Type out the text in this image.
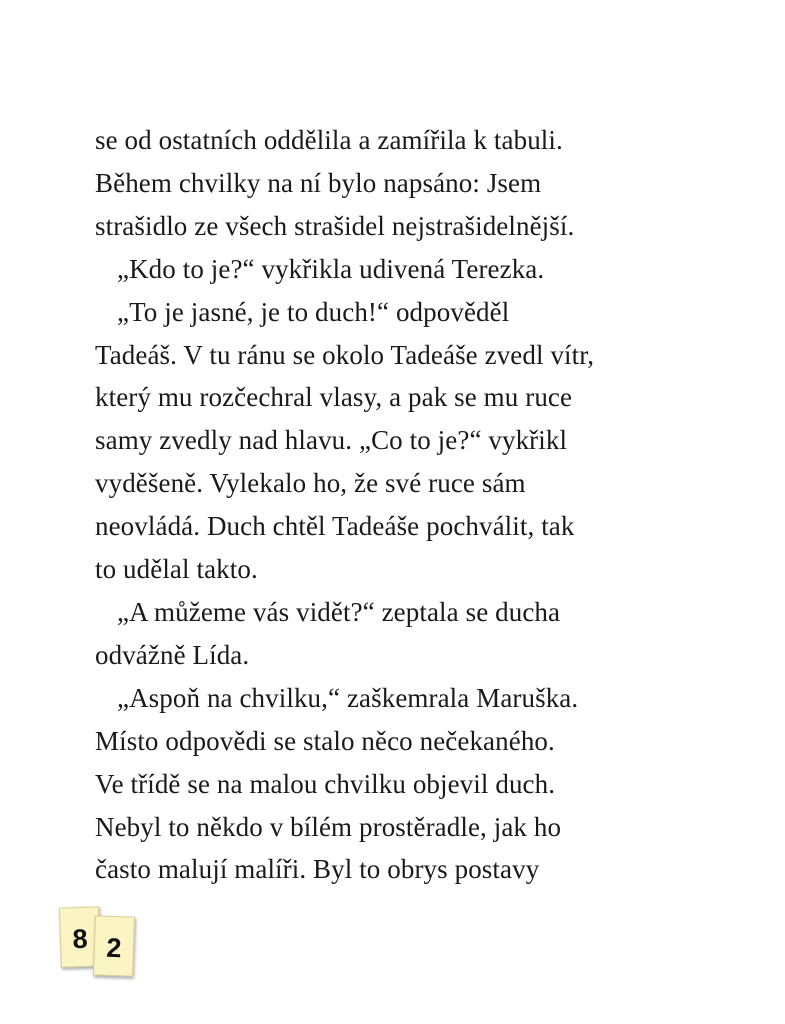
se od ostatních oddělila a zamířila k tabuli.
Během chvilky na ní bylo napsáno: Jsem
strašidlo ze všech strašidel nejstrašidelnější.
„Kdo to je?“ vykřikla udivená Terezka.
„To je jasné, je to duch!“ odpověděl
Tadeáš. V tu ránu se okolo Tadeáše zvedl vítr,
který mu rozčechral vlasy, a pak se mu ruce
samy zvedly nad hlavu. „Co to je?“ vykřikl
vyděšeně. Vylekalo ho, že své ruce sám
neovládá. Duch chtěl Tadeáše pochválit, tak
to udělal takto.
„A můžeme vás vidět?“ zeptala se ducha
odvážně Lída.
„Aspoň na chvilku,“ zaškemrala Maruška.
Místo odpovědi se stalo něco nečekaného.
Ve třídě se na malou chvilku objevil duch.
Nebyl to někdo v bílém prostěradle, jak ho
často malují malíři. Byl to obrys postavy
8 2
